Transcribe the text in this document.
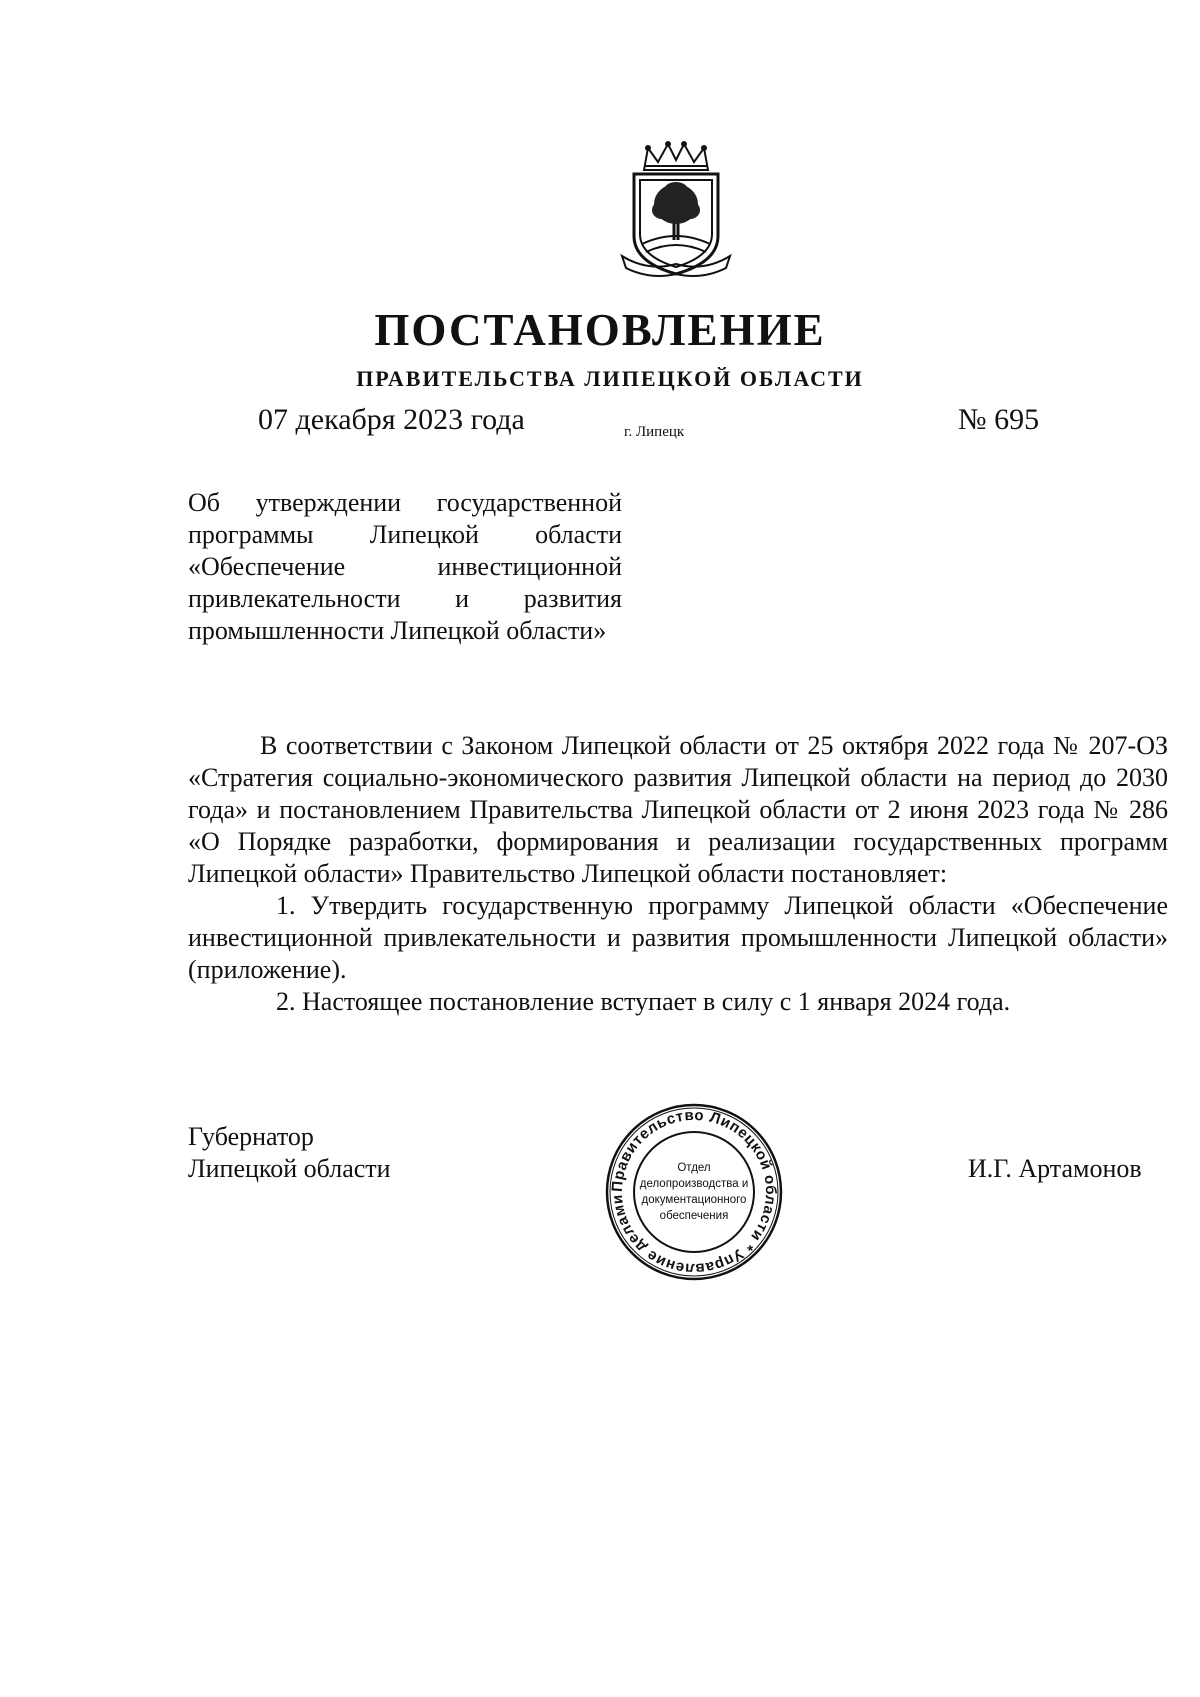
ПОСТАНОВЛЕНИЕ
ПРАВИТЕЛЬСТВА ЛИПЕЦКОЙ ОБЛАСТИ
07 декабря 2023 года	г. Липецк	№ 695
Об утверждении государственной программы Липецкой области «Обеспечение инвестиционной привлекательности и развития промышленности Липецкой области»

В соответствии с Законом Липецкой области от 25 октября 2022 года № 207-ОЗ «Стратегия социально-экономического развития Липецкой области на период до 2030 года» и постановлением Правительства Липецкой области от 2 июня 2023 года № 286 «О Порядке разработки, формирования и реализации государственных программ Липецкой области» Правительство Липецкой области постановляет:

1. Утвердить государственную программу Липецкой области «Обеспечение инвестиционной привлекательности и развития промышленности Липецкой области» (приложение).

2. Настоящее постановление вступает в силу с 1 января 2024 года.

Губернатор
Липецкой области
Правительство Липецкой области * Управление делами
Отдел
делопроизводства и
документационного
обеспечения
И.Г. Артамонов
